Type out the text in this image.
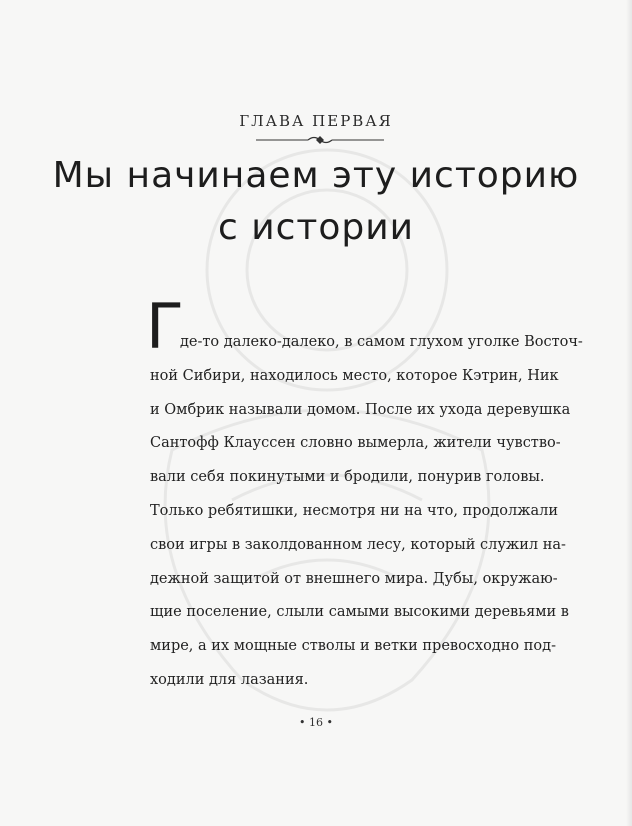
ГЛАВА ПЕРВАЯ
Мы начинаем эту историю
с истории
Г
де-то далеко-далеко, в самом глухом уголке Восточ-
ной Сибири, находилось место, которое Кэтрин, Ник
и Омбрик называли домом. После их ухода деревушка
Сантофф Клауссен словно вымерла, жители чувство-
вали себя покинутыми и бродили, понурив головы.
Только ребятишки, несмотря ни на что, продолжали
свои игры в заколдованном лесу, который служил на-
дежной защитой от внешнего мира. Дубы, окружаю-
щие поселение, слыли самыми высокими деревьями в
мире, а их мощные стволы и ветки превосходно под-
ходили для лазания.
• 16 •
